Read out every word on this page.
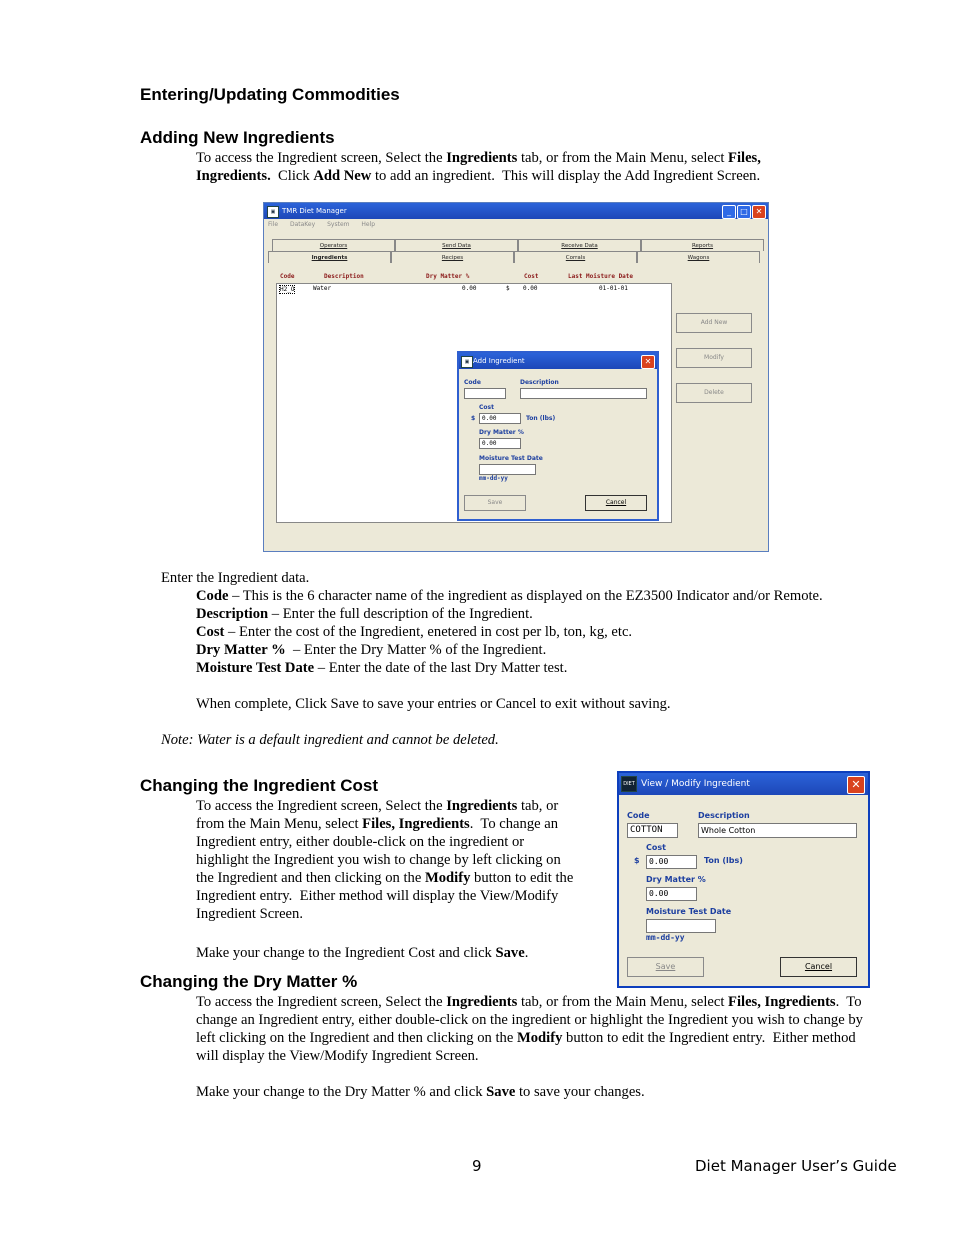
Entering/Updating Commodities
Adding New Ingredients
To access the Ingredient screen, Select the Ingredients tab, or from the Main Menu, select Files, Ingredients.  Click Add New to add an ingredient.  This will display the Add Ingredient Screen.
▣ TMR Diet Manager	_	□ ✕
File DataKey System Help
Operators	Send Data	Receive Data	Reports
Ingredients	Recipes	Corrals	Wagons
Code	Description	Dry Matter %	Cost	Last Moisture Date
H2_O	Water	0.00	$ 0.00	01-01-01
Add New
Modify
Delete
▣ Add Ingredient	✕
Code	Description
Cost
$	0.00	Ton (lbs)
Dry Matter %
0.00
Moisture Test Date
mm-dd-yy
Save	Cancel
Enter the Ingredient data.
Code – This is the 6 character name of the ingredient as displayed on the EZ3500 Indicator and/or Remote.
Description – Enter the full description of the Ingredient.
Cost – Enter the cost of the Ingredient, enetered in cost per lb, ton, kg, etc.
Dry Matter %  – Enter the Dry Matter % of the Ingredient.
Moisture Test Date – Enter the date of the last Dry Matter test.
When complete, Click Save to save your entries or Cancel to exit without saving.
Note: Water is a default ingredient and cannot be deleted.
Changing the Ingredient Cost
To access the Ingredient screen, Select the Ingredients tab, or
from the Main Menu, select Files, Ingredients.  To change an
Ingredient entry, either double-click on the ingredient or
highlight the Ingredient you wish to change by left clicking on
the Ingredient and then clicking on the Modify button to edit the
Ingredient entry.  Either method will display the View/Modify
Ingredient Screen.
Make your change to the Ingredient Cost and click Save.
DIET View / Modify Ingredient	✕
Code	Description
COTTON	Whole Cotton
Cost
$	0.00	Ton (lbs)
Dry Matter %
0.00
Moisture Test Date
mm-dd-yy
Save	Cancel
Changing the Dry Matter %
To access the Ingredient screen, Select the Ingredients tab, or from the Main Menu, select Files, Ingredients.  To change an Ingredient entry, either double-click on the ingredient or highlight the Ingredient you wish to change by left clicking on the Ingredient and then clicking on the Modify button to edit the Ingredient entry.  Either method will display the View/Modify Ingredient Screen.
Make your change to the Dry Matter % and click Save to save your changes.
9	Diet Manager User’s Guide
